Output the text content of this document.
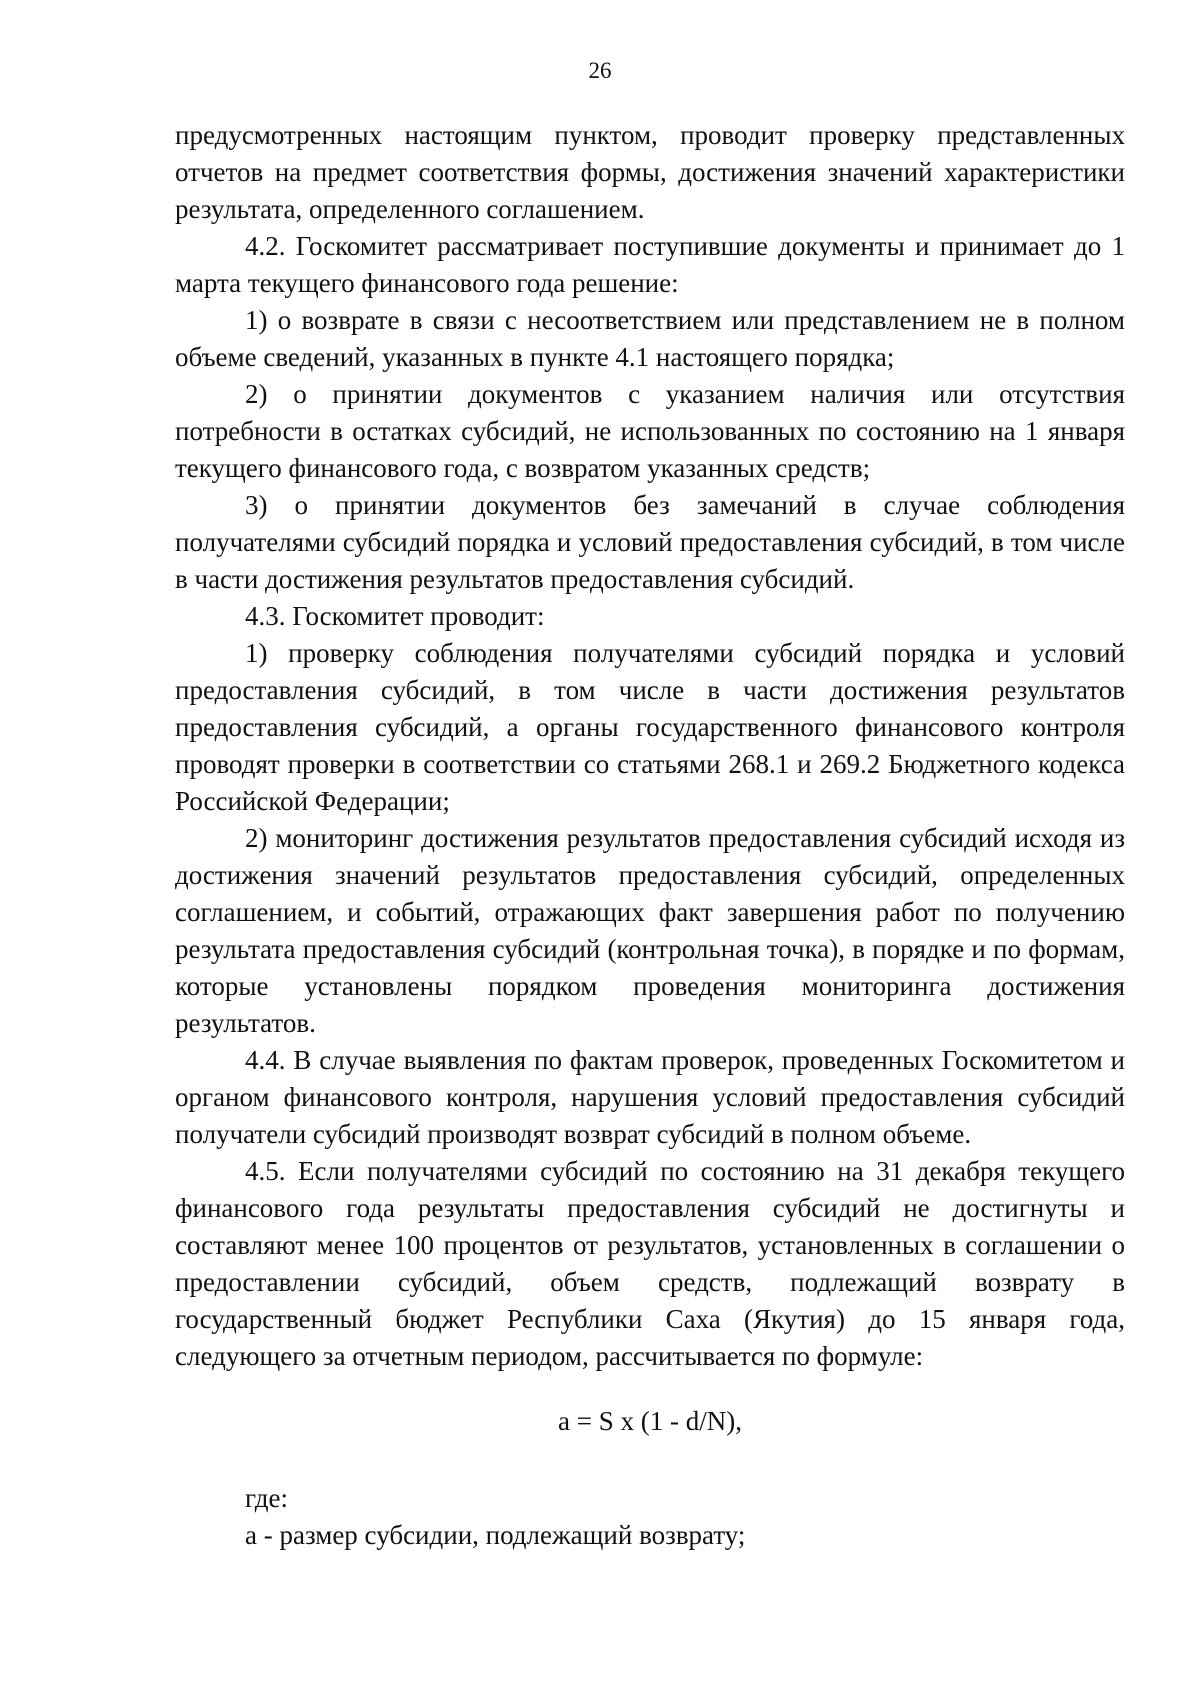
26

предусмотренных настоящим пунктом, проводит проверку представленных отчетов на предмет соответствия формы, достижения значений характеристики результата, определенного соглашением.

4.2. Госкомитет рассматривает поступившие документы и принимает до 1 марта текущего финансового года решение:

1) о возврате в связи с несоответствием или представлением не в полном объеме сведений, указанных в пункте 4.1 настоящего порядка;

2) о принятии документов с указанием наличия или отсутствия потребности в остатках субсидий, не использованных по состоянию на 1 января текущего финансового года, с возвратом указанных средств;

3) о принятии документов без замечаний в случае соблюдения получателями субсидий порядка и условий предоставления субсидий, в том числе в части достижения результатов предоставления субсидий.

4.3. Госкомитет проводит:

1) проверку соблюдения получателями субсидий порядка и условий предоставления субсидий, в том числе в части достижения результатов предоставления субсидий, а органы государственного финансового контроля проводят проверки в соответствии со статьями 268.1 и 269.2 Бюджетного кодекса Российской Федерации;

2) мониторинг достижения результатов предоставления субсидий исходя из достижения значений результатов предоставления субсидий, определенных соглашением, и событий, отражающих факт завершения работ по получению результата предоставления субсидий (контрольная точка), в порядке и по формам, которые установлены порядком проведения мониторинга достижения результатов.

4.4. В случае выявления по фактам проверок, проведенных Госкомитетом и органом финансового контроля, нарушения условий предоставления субсидий получатели субсидий производят возврат субсидий в полном объеме.

4.5. Если получателями субсидий по состоянию на 31 декабря текущего финансового года результаты предоставления субсидий не достигнуты и составляют менее 100 процентов от результатов, установленных в соглашении о предоставлении субсидий, объем средств, подлежащий возврату в государственный бюджет Республики Саха (Якутия) до 15 января года, следующего за отчетным периодом, рассчитывается по формуле:

a = S x (1 - d/N),

где:

a - размер субсидии, подлежащий возврату;
